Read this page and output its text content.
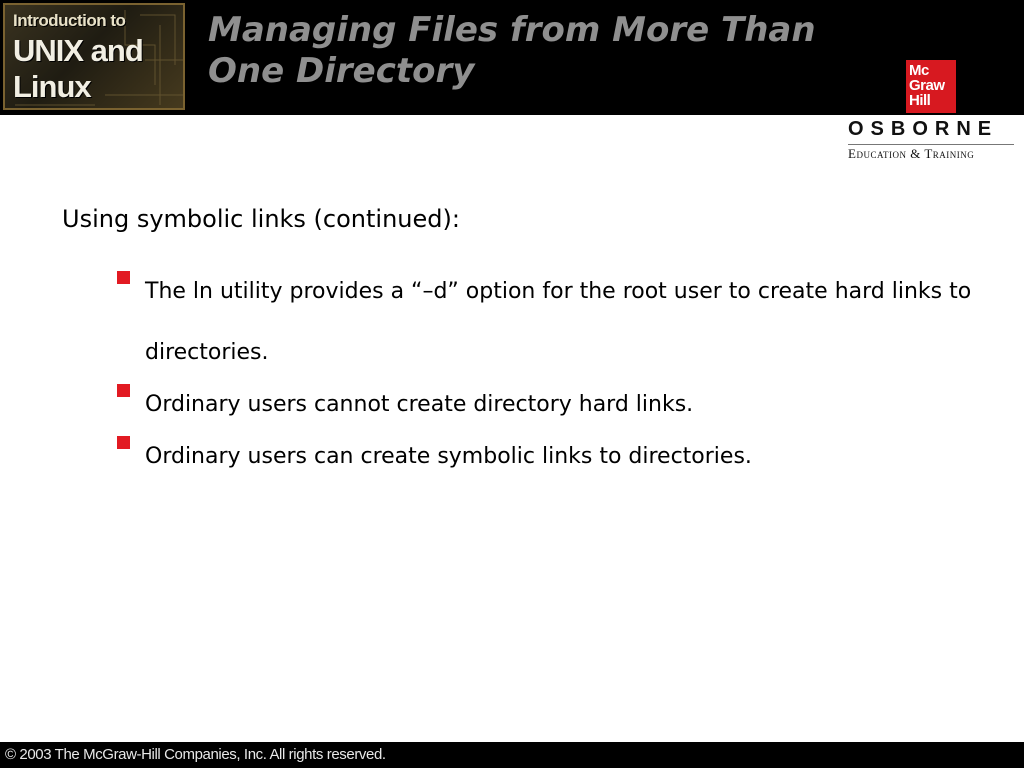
Introduction to
UNIX and
Linux
Managing Files from More Than One Directory	Mc
Graw
Hill
OSBORNE
Education & Training
Using symbolic links (continued):
The ln utility provides a “–d” option for the root user to create hard links to directories.
Ordinary users cannot create directory hard links.
Ordinary users can create symbolic links to directories.
© 2003 The McGraw-Hill Companies, Inc. All rights reserved.
